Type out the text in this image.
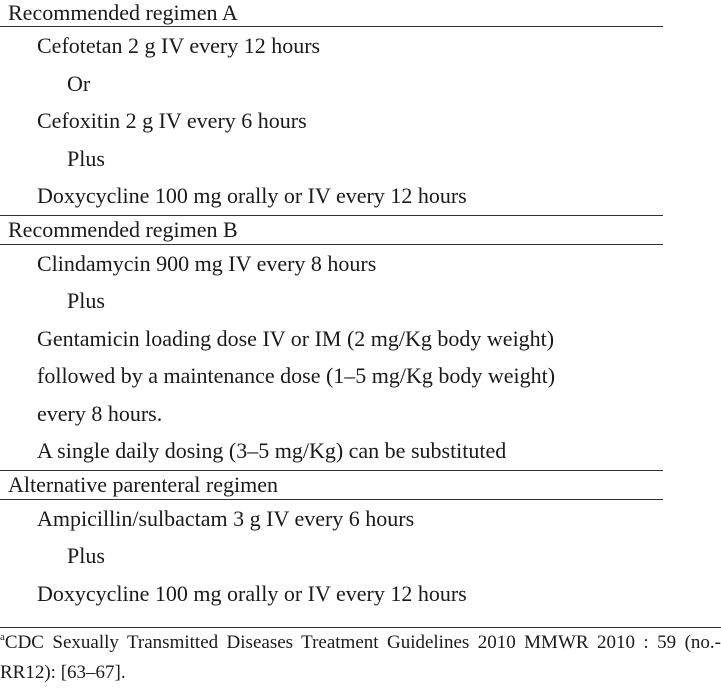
Recommended regimen A
Cefotetan 2 g IV every 12 hours
Or
Cefoxitin 2 g IV every 6 hours
Plus
Doxycycline 100 mg orally or IV every 12 hours
Recommended regimen B
Clindamycin 900 mg IV every 8 hours
Plus
Gentamicin loading dose IV or IM (2 mg/Kg body weight)
followed by a maintenance dose (1–5 mg/Kg body weight)
every 8 hours.
A single daily dosing (3–5 mg/Kg) can be substituted
Alternative parenteral regimen
Ampicillin/sulbactam 3 g IV every 6 hours
Plus
Doxycycline 100 mg orally or IV every 12 hours
$^a$CDC Sexually Transmitted Diseases Treatment Guidelines 2010 MMWR 2010 : 59 (no.-RR12): [63–67].
